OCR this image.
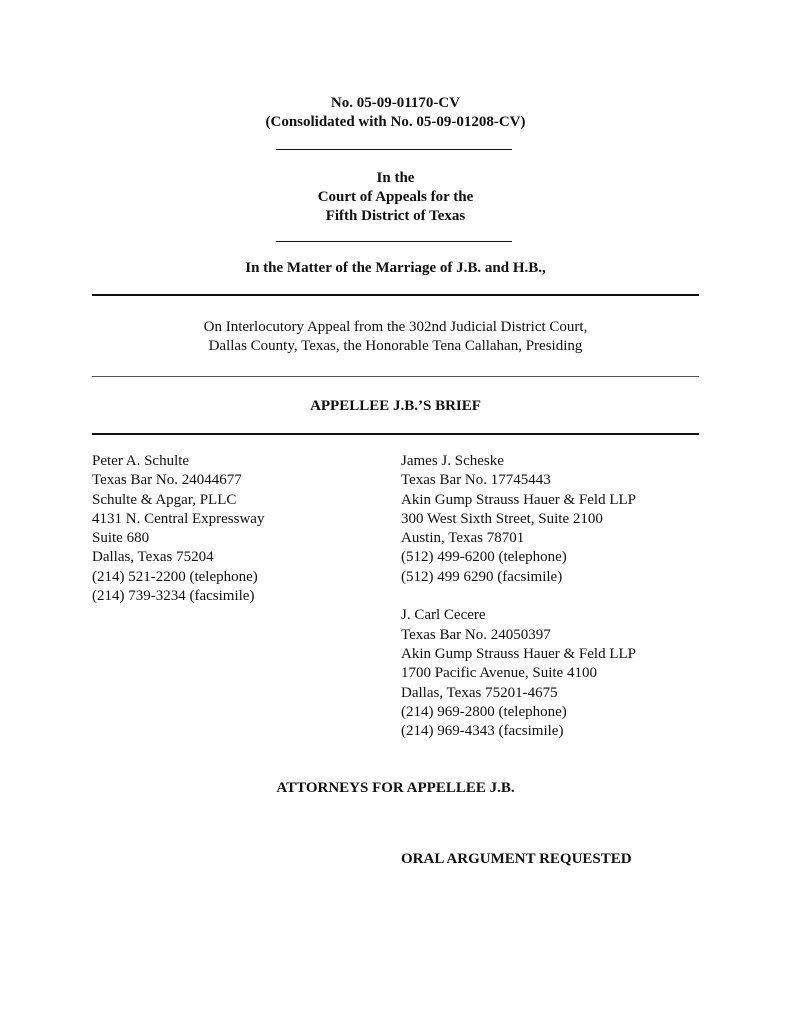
No. 05-09-01170-CV
(Consolidated with No. 05-09-01208-CV)
In the
Court of Appeals for the
Fifth District of Texas
In the Matter of the Marriage of J.B. and H.B.,
On Interlocutory Appeal from the 302nd Judicial District Court,
Dallas County, Texas, the Honorable Tena Callahan, Presiding
APPELLEE J.B.’S BRIEF
Peter A. Schulte
Texas Bar No. 24044677
Schulte & Apgar, PLLC
4131 N. Central Expressway
Suite 680
Dallas, Texas 75204
(214) 521-2200 (telephone)
(214) 739-3234 (facsimile)
James J. Scheske
Texas Bar No. 17745443
Akin Gump Strauss Hauer & Feld LLP
300 West Sixth Street, Suite 2100
Austin, Texas 78701
(512) 499-6200 (telephone)
(512) 499 6290 (facsimile)
J. Carl Cecere
Texas Bar No. 24050397
Akin Gump Strauss Hauer & Feld LLP
1700 Pacific Avenue, Suite 4100
Dallas, Texas 75201-4675
(214) 969-2800 (telephone)
(214) 969-4343 (facsimile)
ATTORNEYS FOR APPELLEE J.B.
ORAL ARGUMENT REQUESTED
